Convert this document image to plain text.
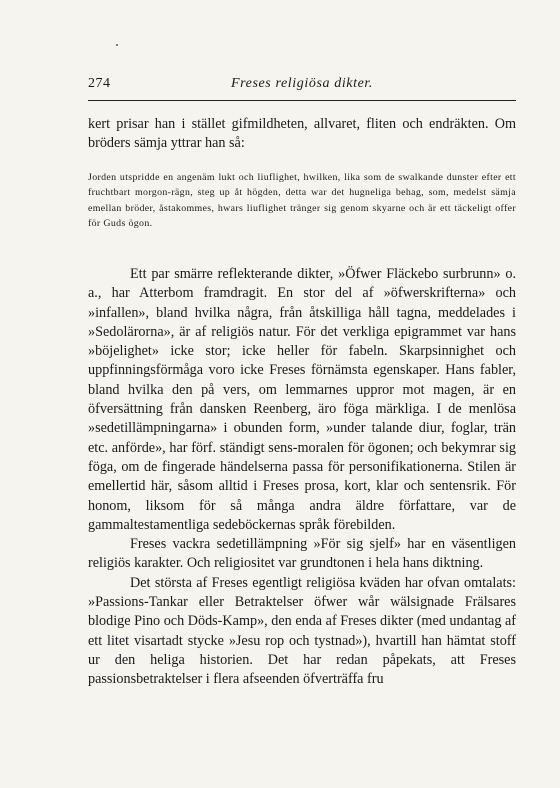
274	Freses religiösa dikter.

kert prisar han i stället gifmildheten, allvaret, fliten och endräkten. Om bröders sämja yttrar han så:

Jorden utspridde en angenäm lukt och liuflighet, hwilken, lika som de swalkande dunster efter ett fruchtbart morgon-rägn, steg up åt högden, detta war det hugneliga behag, som, medelst sämja emellan bröder, åstakommes, hwars liuflighet tränger sig genom skyarne och är ett täckeligt offer för Guds ögon.

Ett par smärre reflekterande dikter, »Öfwer Fläckebo surbrunn» o. a., har Atterbom framdragit. En stor del af »öfwerskrifterna» och »infallen», bland hvilka några, från åtskilliga håll tagna, meddelades i »Sedolärorna», är af religiös natur. För det verkliga epigrammet var hans »böjelighet» icke stor; icke heller för fabeln. Skarpsinnighet och uppfinningsförmåga voro icke Freses förnämsta egenskaper. Hans fabler, bland hvilka den på vers, om lemmarnes uppror mot magen, är en öfversättning från dansken Reenberg, äro föga märkliga. I de menlösa »sedetillämpningarna» i obunden form, »under talande diur, foglar, trän etc. anförde», har förf. ständigt sens-moralen för ögonen; och bekymrar sig föga, om de fingerade händelserna passa för personifikationerna. Stilen är emellertid här, såsom alltid i Freses prosa, kort, klar och sentensrik. För honom, liksom för så många andra äldre författare, var de gammaltestamentliga sedeböckernas språk förebilden.

Freses vackra sedetillämpning »För sig sjelf» har en väsentligen religiös karakter. Och religiositet var grundtonen i hela hans diktning.

Det största af Freses egentligt religiösa kväden har ofvan omtalats: »Passions-Tankar eller Betraktelser öfwer wår wälsignade Frälsares blodige Pino och Döds-Kamp», den enda af Freses dikter (med undantag af ett litet visartadt stycke »Jesu rop och tystnad»), hvartill han hämtat stoff ur den heliga historien. Det har redan påpekats, att Freses passionsbetraktelser i flera afseenden öfverträffa fru
